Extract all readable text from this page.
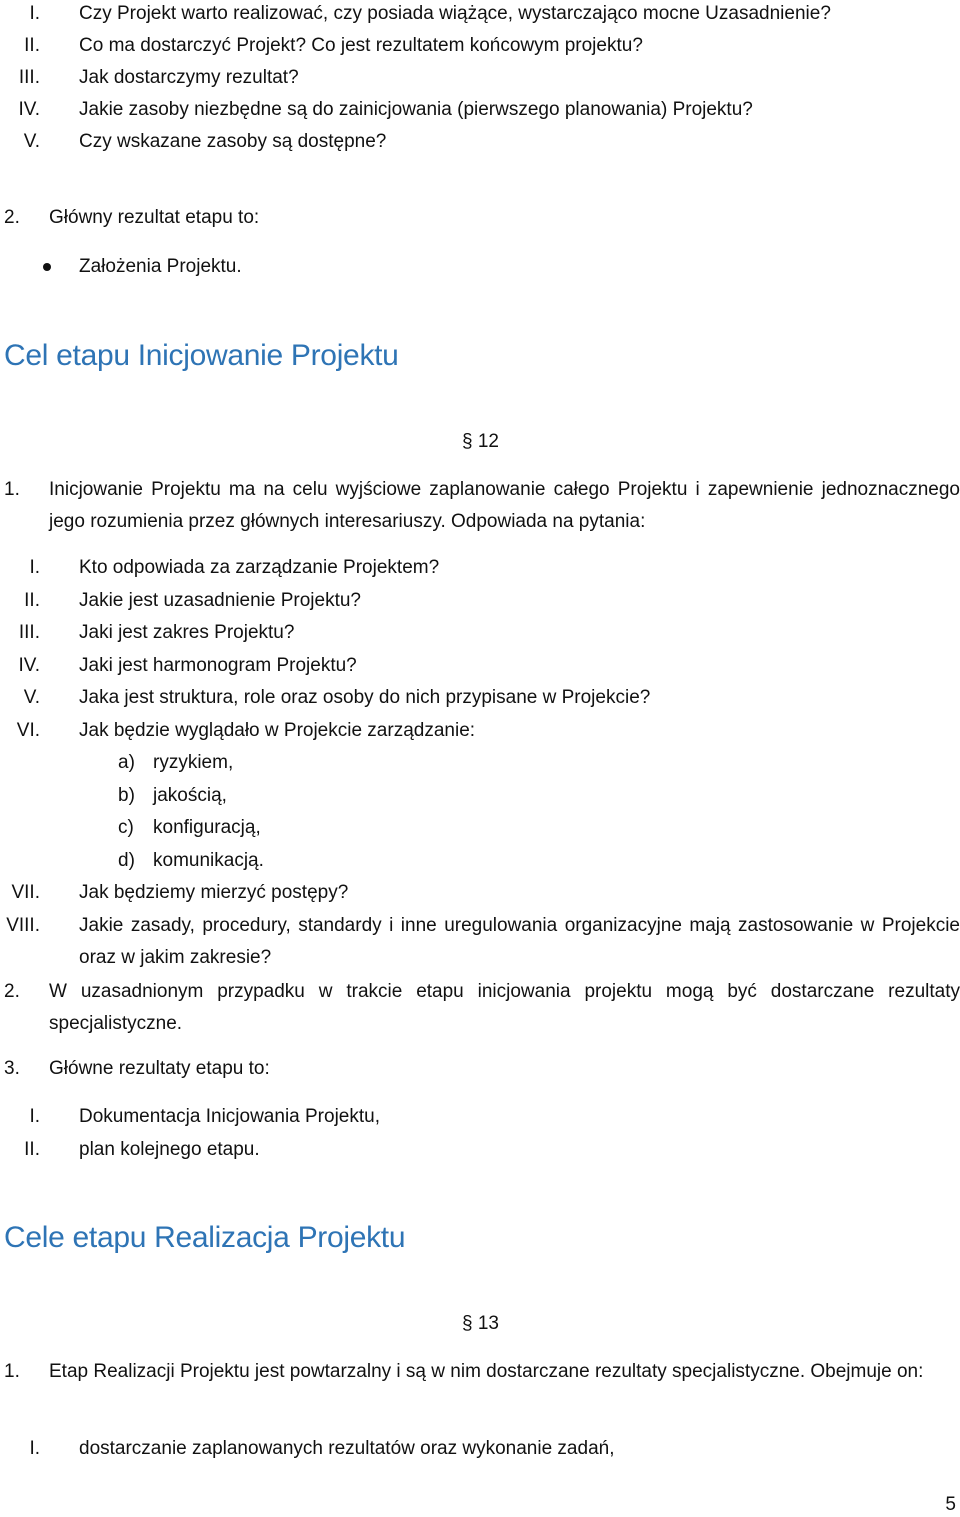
I. Czy Projekt warto realizować, czy posiada wiążące, wystarczająco mocne Uzasadnienie?
II. Co ma dostarczyć Projekt? Co jest rezultatem końcowym projektu?
III. Jak dostarczymy rezultat?
IV. Jakie zasoby niezbędne są do zainicjowania (pierwszego planowania) Projektu?
V. Czy wskazane zasoby są dostępne?
2. Główny rezultat etapu to:
Założenia Projektu.
Cel etapu Inicjowanie Projektu
§ 12
1. Inicjowanie Projektu ma na celu wyjściowe zaplanowanie całego Projektu i zapewnienie jednoznacznego jego rozumienia przez głównych interesariuszy. Odpowiada na pytania:
I. Kto odpowiada za zarządzanie Projektem?
II. Jakie jest uzasadnienie Projektu?
III. Jaki jest zakres Projektu?
IV. Jaki jest harmonogram Projektu?
V. Jaka jest struktura, role oraz osoby do nich przypisane w Projekcie?
VI. Jak będzie wyglądało w Projekcie zarządzanie:
a) ryzykiem,
b) jakością,
c) konfiguracją,
d) komunikacją.
VII. Jak będziemy mierzyć postępy?
VIII. Jakie zasady, procedury, standardy i inne uregulowania organizacyjne mają zastosowanie w Projekcie oraz w jakim zakresie?
2. W uzasadnionym przypadku w trakcie etapu inicjowania projektu mogą być dostarczane rezultaty specjalistyczne.
3. Główne rezultaty etapu to:
I. Dokumentacja Inicjowania Projektu,
II. plan kolejnego etapu.
Cele etapu Realizacja Projektu
§ 13
1. Etap Realizacji Projektu jest powtarzalny i są w nim dostarczane rezultaty specjalistyczne. Obejmuje on:
I. dostarczanie zaplanowanych rezultatów oraz wykonanie zadań,
5
